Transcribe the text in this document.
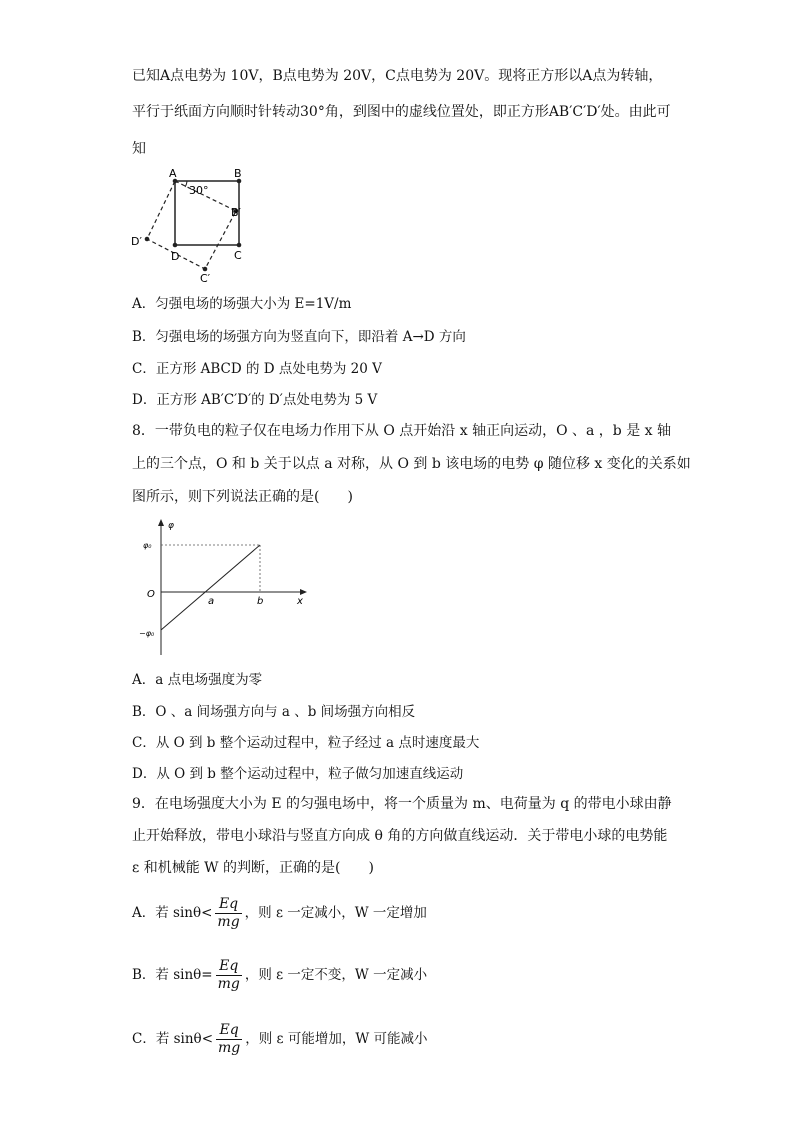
已知A点电势为 10V，B点电势为 20V，C点电势为 20V。现将正方形以A点为转轴，
平行于纸面方向顺时针转动30°角，到图中的虚线位置处，即正方形AB′C′D′处。由此可
知
A	B
C
D
B′
C′
D′
30°
A．匀强电场的场强大小为 E=1V/m
B．匀强电场的场强方向为竖直向下，即沿着 A→D 方向
C．正方形 ABCD 的 D 点处电势为 20 V
D．正方形 AB′C′D′的 D′点处电势为 5 V
8．一带负电的粒子仅在电场力作用下从 O 点开始沿 x 轴正向运动，O 、a ，b 是 x 轴
上的三个点，O 和 b 关于以点 a 对称，从 O 到 b 该电场的电势 φ 随位移 x 变化的关系如
图所示，则下列说法正确的是(　　)
φ
φ₀
−φ₀
O
a	b	x
A．a 点电场强度为零
B．O 、a 间场强方向与 a 、b 间场强方向相反
C．从 O 到 b 整个运动过程中，粒子经过 a 点时速度最大
D．从 O 到 b 整个运动过程中，粒子做匀加速直线运动
9．在电场强度大小为 E 的匀强电场中，将一个质量为 m、电荷量为 q 的带电小球由静
止开始释放，带电小球沿与竖直方向成 θ 角的方向做直线运动．关于带电小球的电势能
ε 和机械能 W 的判断，正确的是(　　)
A．若 $\sin\theta< \frac{Eq}{mg}$ ，则 ε 一定减小，W 一定增加
B．若 $\sin\theta= \frac{Eq}{mg}$ ，则 ε 一定不变，W 一定减小
C．若 $\sin\theta< \frac{Eq}{mg}$ ，则 ε 可能增加，W 可能减小
